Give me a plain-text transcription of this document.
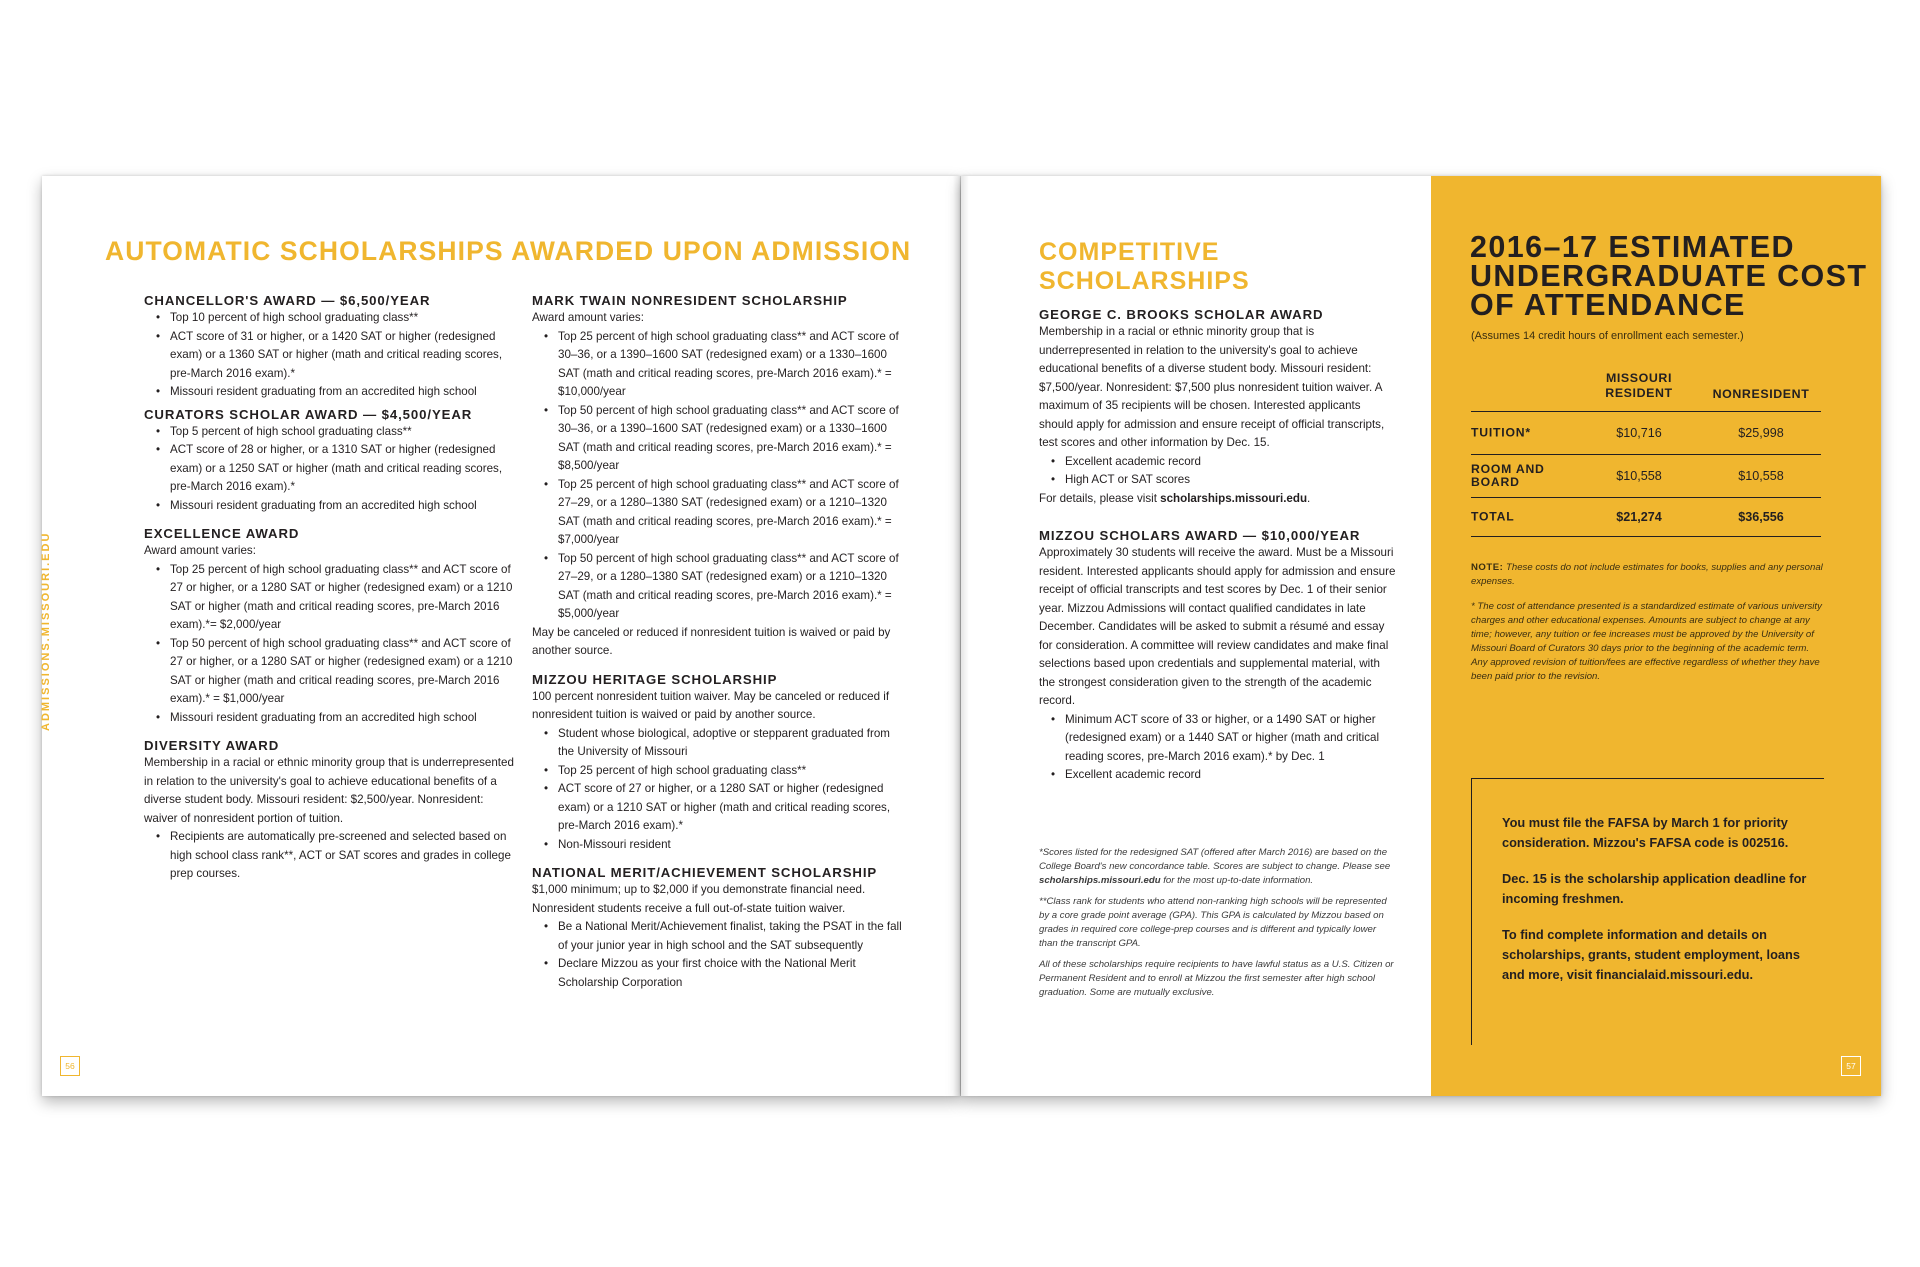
AUTOMATIC SCHOLARSHIPS AWARDED UPON ADMISSION
ADMISSIONS.MISSOURI.EDU
CHANCELLOR'S AWARD — $6,500/YEAR
• Top 10 percent of high school graduating class**
• ACT score of 31 or higher, or a 1420 SAT or higher (redesigned exam) or a 1360 SAT or higher (math and critical reading scores, pre-March 2016 exam).*
• Missouri resident graduating from an accredited high school
CURATORS SCHOLAR AWARD — $4,500/YEAR
• Top 5 percent of high school graduating class**
• ACT score of 28 or higher, or a 1310 SAT or higher (redesigned exam) or a 1250 SAT or higher (math and critical reading scores, pre-March 2016 exam).*
• Missouri resident graduating from an accredited high school
EXCELLENCE AWARD

Award amount varies:

• Top 25 percent of high school graduating class** and ACT score of 27 or higher, or a 1280 SAT or higher (redesigned exam) or a 1210 SAT or higher (math and critical reading scores, pre-March 2016 exam).*= $2,000/year
• Top 50 percent of high school graduating class** and ACT score of 27 or higher, or a 1280 SAT or higher (redesigned exam) or a 1210 SAT or higher (math and critical reading scores, pre-March 2016 exam).* = $1,000/year
• Missouri resident graduating from an accredited high school
DIVERSITY AWARD

Membership in a racial or ethnic minority group that is underrepresented in relation to the university's goal to achieve educational benefits of a diverse student body. Missouri resident: $2,500/year. Nonresident: waiver of nonresident portion of tuition.

• Recipients are automatically pre-screened and selected based on high school class rank**, ACT or SAT scores and grades in college prep courses.
MARK TWAIN NONRESIDENT SCHOLARSHIP

Award amount varies:

• Top 25 percent of high school graduating class** and ACT score of 30–36, or a 1390–1600 SAT (redesigned exam) or a 1330–1600 SAT (math and critical reading scores, pre-March 2016 exam).* = $10,000/year
• Top 50 percent of high school graduating class** and ACT score of 30–36, or a 1390–1600 SAT (redesigned exam) or a 1330–1600 SAT (math and critical reading scores, pre-March 2016 exam).* = $8,500/year
• Top 25 percent of high school graduating class** and ACT score of 27–29, or a 1280–1380 SAT (redesigned exam) or a 1210–1320 SAT (math and critical reading scores, pre-March 2016 exam).* = $7,000/year
• Top 50 percent of high school graduating class** and ACT score of 27–29, or a 1280–1380 SAT (redesigned exam) or a 1210–1320 SAT (math and critical reading scores, pre-March 2016 exam).* = $5,000/year

May be canceled or reduced if nonresident tuition is waived or paid by another source.

MIZZOU HERITAGE SCHOLARSHIP

100 percent nonresident tuition waiver. May be canceled or reduced if nonresident tuition is waived or paid by another source.

• Student whose biological, adoptive or stepparent graduated from the University of Missouri
• Top 25 percent of high school graduating class**
• ACT score of 27 or higher, or a 1280 SAT or higher (redesigned exam) or a 1210 SAT or higher (math and critical reading scores, pre-March 2016 exam).*
• Non-Missouri resident
NATIONAL MERIT/ACHIEVEMENT SCHOLARSHIP

$1,000 minimum; up to $2,000 if you demonstrate financial need. Nonresident students receive a full out-of-state tuition waiver.

• Be a National Merit/Achievement finalist, taking the PSAT in the fall of your junior year in high school and the SAT subsequently
• Declare Mizzou as your first choice with the National Merit Scholarship Corporation
56
COMPETITIVE SCHOLARSHIPS
GEORGE C. BROOKS SCHOLAR AWARD

Membership in a racial or ethnic minority group that is underrepresented in relation to the university's goal to achieve educational benefits of a diverse student body. Missouri resident: $7,500/year. Nonresident: $7,500 plus nonresident tuition waiver. A maximum of 35 recipients will be chosen. Interested applicants should apply for admission and ensure receipt of official transcripts, test scores and other information by Dec. 15.

• Excellent academic record
• High ACT or SAT scores

For details, please visit scholarships.missouri.edu.

MIZZOU SCHOLARS AWARD — $10,000/YEAR

Approximately 30 students will receive the award. Must be a Missouri resident. Interested applicants should apply for admission and ensure receipt of official transcripts and test scores by Dec. 1 of their senior year. Mizzou Admissions will contact qualified candidates in late December. Candidates will be asked to submit a résumé and essay for consideration. A committee will review candidates and make final selections based upon credentials and supplemental material, with the strongest consideration given to the strength of the academic record.

• Minimum ACT score of 33 or higher, or a 1490 SAT or higher (redesigned exam) or a 1440 SAT or higher (math and critical reading scores, pre-March 2016 exam).* by Dec. 1
• Excellent academic record

*Scores listed for the redesigned SAT (offered after March 2016) are based on the College Board's new concordance table. Scores are subject to change. Please see scholarships.missouri.edu for the most up-to-date information.

**Class rank for students who attend non-ranking high schools will be represented by a core grade point average (GPA). This GPA is calculated by Mizzou based on grades in required core college-prep courses and is different and typically lower than the transcript GPA.

All of these scholarships require recipients to have lawful status as a U.S. Citizen or Permanent Resident and to enroll at Mizzou the first semester after high school graduation. Some are mutually exclusive.

2016–17 ESTIMATED UNDERGRADUATE COST OF ATTENDANCE
(Assumes 14 credit hours of enrollment each semester.)
MISSOURI RESIDENT	NONRESIDENT
TUITION*	$10,716	$25,998
ROOM AND BOARD	$10,558	$10,558
TOTAL	$21,274	$36,556

NOTE: These costs do not include estimates for books, supplies and any personal expenses.

* The cost of attendance presented is a standardized estimate of various university charges and other educational expenses. Amounts are subject to change at any time; however, any tuition or fee increases must be approved by the University of Missouri Board of Curators 30 days prior to the beginning of the academic term. Any approved revision of tuition/fees are effective regardless of whether they have been paid prior to the revision.

You must file the FAFSA by March 1 for priority consideration. Mizzou's FAFSA code is 002516.

Dec. 15 is the scholarship application deadline for incoming freshmen.

To find complete information and details on scholarships, grants, student employment, loans and more, visit financialaid.missouri.edu.

57
